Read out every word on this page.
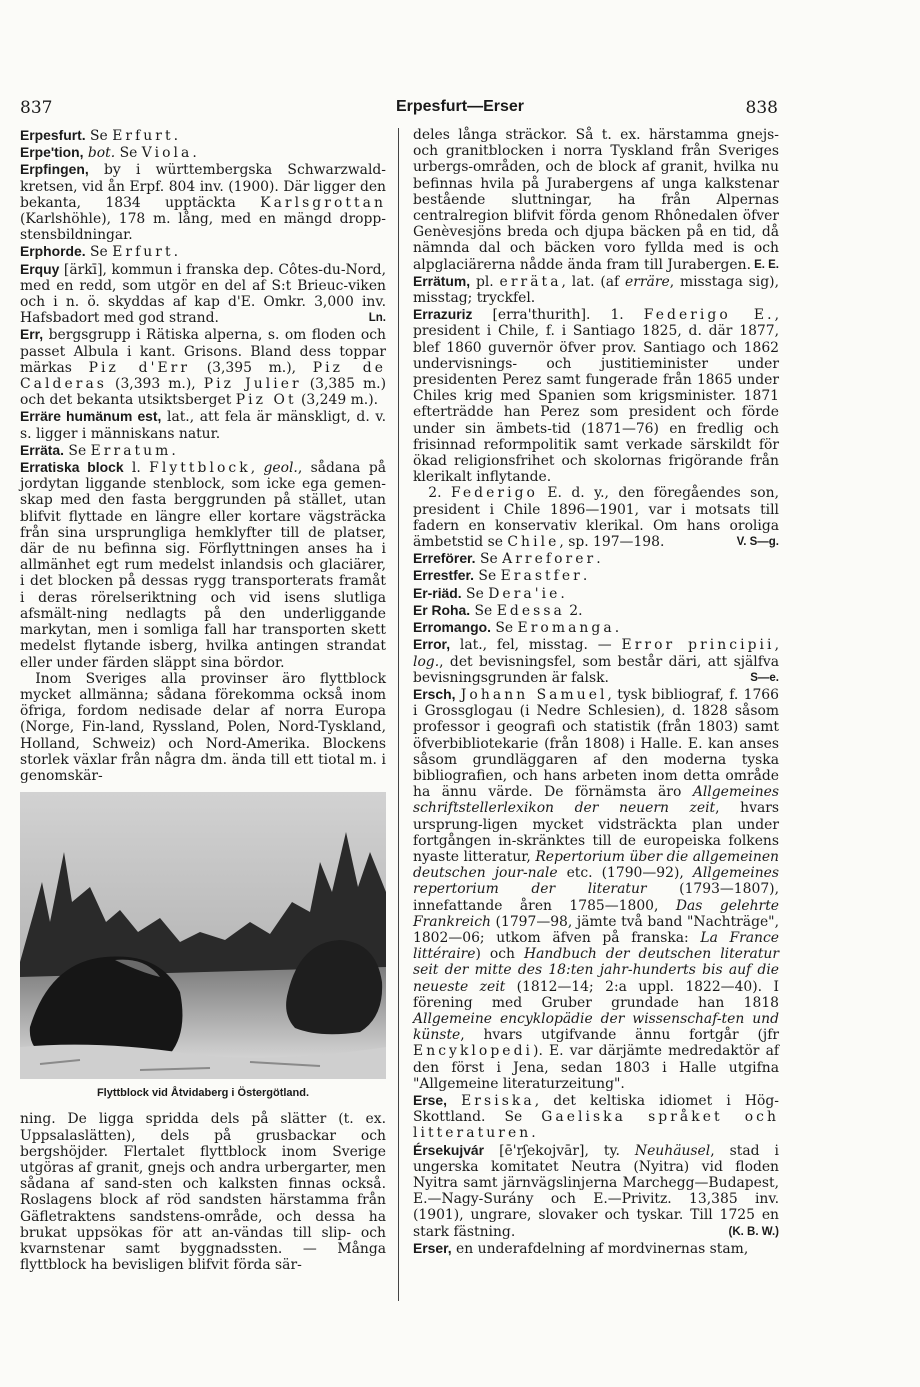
837	Erpesfurt—Erser	838

Erpesfurt. Se Erfurt.

Erpe'tion, bot. Se Viola.

Erpfingen, by i württembergska Schwarzwald-kretsen, vid ån Erpf. 804 inv. (1900). Där ligger den bekanta, 1834 upptäckta Karlsgrottan (Karlshöhle), 178 m. lång, med en mängd dropp-stensbildningar.

Erphorde. Se Erfurt.

Erquy [ärkī], kommun i franska dep. Côtes-du-Nord, med en redd, som utgör en del af S:t Brieuc-viken och i n. ö. skyddas af kap d'E. Omkr. 3,000 inv. Hafsbadort med god strand.	Ln.

Err, bergsgrupp i Rätiska alperna, s. om floden och passet Albula i kant. Grisons. Bland dess toppar märkas Piz d'Err (3,395 m.), Piz de Calderas (3,393 m.), Piz Julier (3,385 m.) och det bekanta utsiktsberget Piz Ot (3,249 m.).

Erräre humänum est, lat., att fela är mänskligt, d. v. s. ligger i människans natur.

Erräta. Se Erratum.

Erratiska block l. Flyttblock, geol., sådana på jordytan liggande stenblock, som icke ega gemen-skap med den fasta berggrunden på stället, utan blifvit flyttade en längre eller kortare vägsträcka från sina ursprungliga hemklyfter till de platser, där de nu befinna sig. Förflyttningen anses ha i allmänhet egt rum medelst inlandsis och glaciärer, i det blocken på dessas rygg transporterats framåt i deras rörelseriktning och vid isens slutliga afsmält-ning nedlagts på den underliggande markytan, men i somliga fall har transporten skett medelst flytande isberg, hvilka antingen strandat eller under färden släppt sina bördor.

Inom Sveriges alla provinser äro flyttblock mycket allmänna; sådana förekomma också inom öfriga, fordom nedisade delar af norra Europa (Norge, Fin-land, Ryssland, Polen, Nord-Tyskland, Holland, Schweiz) och Nord-Amerika. Blockens storlek växlar från några dm. ända till ett tiotal m. i genomskär-

Flyttblock vid Åtvidaberg i Östergötland.

ning. De ligga spridda dels på slätter (t. ex. Uppsalaslätten), dels på grusbackar och bergshöjder. Flertalet flyttblock inom Sverige utgöras af granit, gnejs och andra urbergarter, men sådana af sand-sten och kalksten finnas också. Roslagens block af röd sandsten härstamma från Gäfletraktens sandstens-område, och dessa ha brukat uppsökas för att an-vändas till slip- och kvarnstenar samt byggnadssten. — Många flyttblock ha bevisligen blifvit förda sär-

deles långa sträckor. Så t. ex. härstamma gnejs- och granitblocken i norra Tyskland från Sveriges urbergs-områden, och de block af granit, hvilka nu befinnas hvila på Jurabergens af unga kalkstenar bestående sluttningar, ha från Alpernas centralregion blifvit förda genom Rhônedalen öfver Genèvesjöns breda och djupa bäcken på en tid, då nämnda dal och bäcken voro fyllda med is och alpglaciärerna nådde ända fram till Jurabergen. E. E.

Errätum, pl. erräta, lat. (af erräre, misstaga sig), misstag; tryckfel.

Errazuriz [erra'thurith]. 1. Federigo E., president i Chile, f. i Santiago 1825, d. där 1877, blef 1860 guvernör öfver prov. Santiago och 1862 undervisnings- och justitieminister under presidenten Perez samt fungerade från 1865 under Chiles krig med Spanien som krigsminister. 1871 efterträdde han Perez som president och förde under sin ämbets-tid (1871—76) en fredlig och frisinnad reformpolitik samt verkade särskildt för ökad religionsfrihet och skolornas frigörande från klerikalt inflytande.

2. Federigo E. d. y., den föregåendes son, president i Chile 1896—1901, var i motsats till fadern en konservativ klerikal. Om hans oroliga ämbetstid se Chile, sp. 197—198.	V. S—g.

Erreförer. Se Arreforer.

Errestfer. Se Erastfer.

Er-riäd. Se Dera'ie.

Er Roha. Se Edessa 2.

Erromango. Se Eromanga.

Error, lat., fel, misstag. — Error principii, log., det bevisningsfel, som består däri, att själfva bevisningsgrunden är falsk.	S—e.

Ersch, Johann Samuel, tysk bibliograf, f. 1766 i Grossglogau (i Nedre Schlesien), d. 1828 såsom professor i geografi och statistik (från 1803) samt öfverbibliotekarie (från 1808) i Halle. E. kan anses såsom grundläggaren af den moderna tyska bibliografien, och hans arbeten inom detta område ha ännu värde. De förnämsta äro Allgemeines schriftstellerlexikon der neuern zeit, hvars ursprung-ligen mycket vidsträckta plan under fortgången in-skränktes till de europeiska folkens nyaste litteratur, Repertorium über die allgemeinen deutschen jour-nale etc. (1790—92), Allgemeines repertorium der literatur (1793—1807), innefattande åren 1785—1800, Das gelehrte Frankreich (1797—98, jämte två band "Nachträge", 1802—06; utkom äfven på franska: La France littéraire) och Handbuch der deutschen literatur seit der mitte des 18:ten jahr-hunderts bis auf die neueste zeit (1812—14; 2:a uppl. 1822—40). I förening med Gruber grundade han 1818 Allgemeine encyklopädie der wissenschaf-ten und künste, hvars utgifvande ännu fortgår (jfr Encyklopedi). E. var därjämte medredaktör af den först i Jena, sedan 1803 i Halle utgifna "Allgemeine literaturzeitung".

Erse, Ersiska, det keltiska idiomet i Hög-Skottland. Se Gaeliska språket och litteraturen.

Érsekujvár [ē'rʃekojvār], ty. Neuhäusel, stad i ungerska komitatet Neutra (Nyitra) vid floden Nyitra samt järnvägslinjerna Marchegg—Budapest, E.—Nagy-Surány och E.—Privitz. 13,385 inv. (1901), ungrare, slovaker och tyskar. Till 1725 en stark fästning.	(K. B. W.)

Erser, en underafdelning af mordvinernas stam,
